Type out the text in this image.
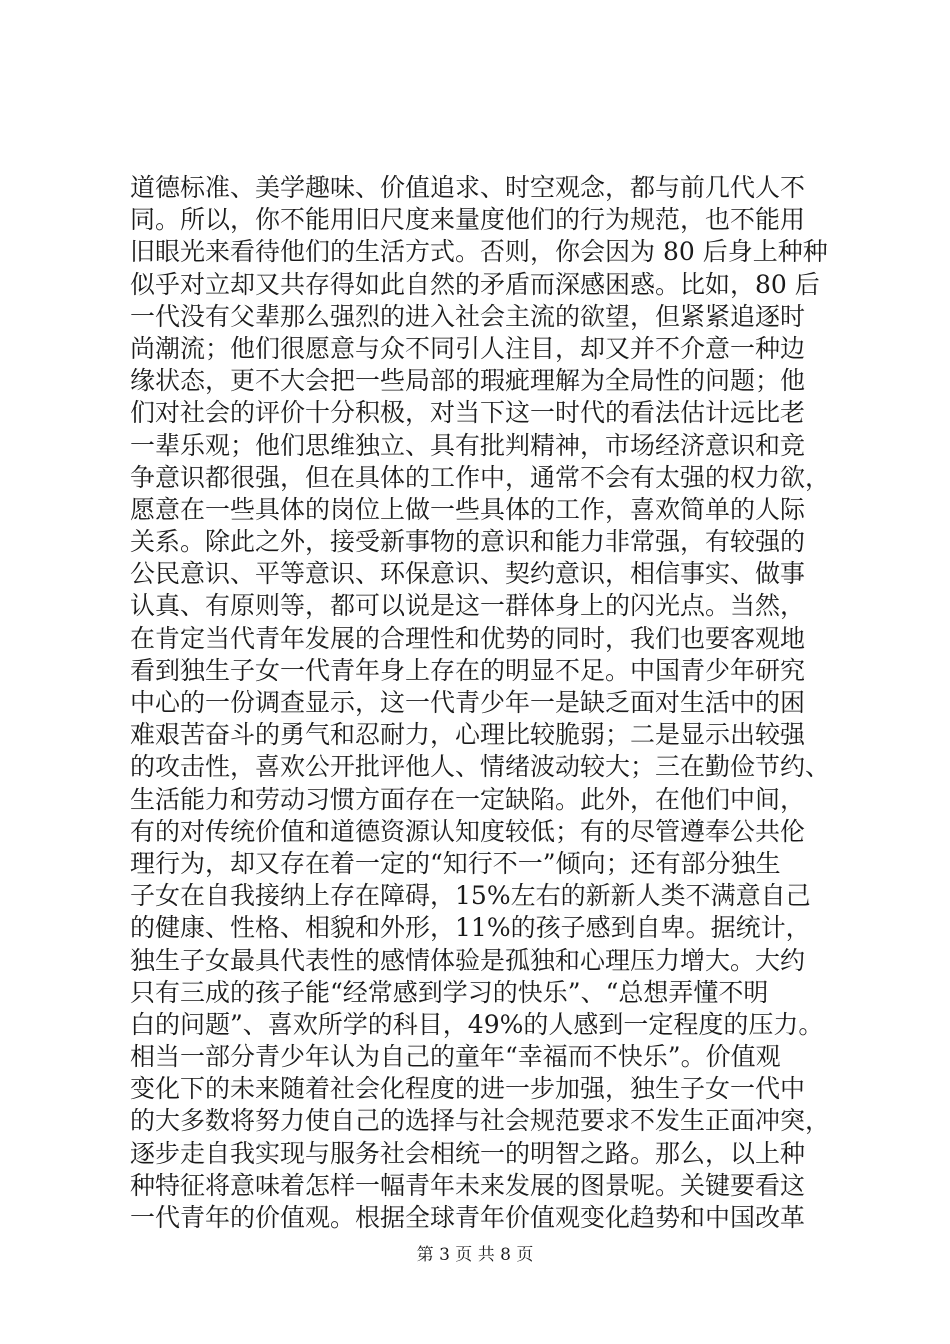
道德标准、美学趣味、价值追求、时空观念，都与前几代人不
同。所以，你不能用旧尺度来量度他们的行为规范，也不能用
旧眼光来看待他们的生活方式。否则，你会因为 80 后身上种种
似乎对立却又共存得如此自然的矛盾而深感困惑。比如，80 后
一代没有父辈那么强烈的进入社会主流的欲望，但紧紧追逐时
尚潮流；他们很愿意与众不同引人注目，却又并不介意一种边
缘状态，更不大会把一些局部的瑕疵理解为全局性的问题；他
们对社会的评价十分积极，对当下这一时代的看法估计远比老
一辈乐观；他们思维独立、具有批判精神，市场经济意识和竞
争意识都很强，但在具体的工作中，通常不会有太强的权力欲，
愿意在一些具体的岗位上做一些具体的工作，喜欢简单的人际
关系。除此之外，接受新事物的意识和能力非常强，有较强的
公民意识、平等意识、环保意识、契约意识，相信事实、做事
认真、有原则等，都可以说是这一群体身上的闪光点。当然，
在肯定当代青年发展的合理性和优势的同时，我们也要客观地
看到独生子女一代青年身上存在的明显不足。中国青少年研究
中心的一份调查显示，这一代青少年一是缺乏面对生活中的困
难艰苦奋斗的勇气和忍耐力，心理比较脆弱；二是显示出较强
的攻击性，喜欢公开批评他人、情绪波动较大；三在勤俭节约、
生活能力和劳动习惯方面存在一定缺陷。此外，在他们中间，
有的对传统价值和道德资源认知度较低；有的尽管遵奉公共伦
理行为，却又存在着一定的“知行不一”倾向；还有部分独生
子女在自我接纳上存在障碍，15%左右的新新人类不满意自己
的健康、性格、相貌和外形，11%的孩子感到自卑。据统计，
独生子女最具代表性的感情体验是孤独和心理压力增大。大约
只有三成的孩子能“经常感到学习的快乐”、“总想弄懂不明
白的问题”、喜欢所学的科目，49%的人感到一定程度的压力。
相当一部分青少年认为自己的童年“幸福而不快乐”。价值观
变化下的未来随着社会化程度的进一步加强，独生子女一代中
的大多数将努力使自己的选择与社会规范要求不发生正面冲突，
逐步走自我实现与服务社会相统一的明智之路。那么，以上种
种特征将意味着怎样一幅青年未来发展的图景呢。关键要看这
一代青年的价值观。根据全球青年价值观变化趋势和中国改革
第 3 页 共 8 页
